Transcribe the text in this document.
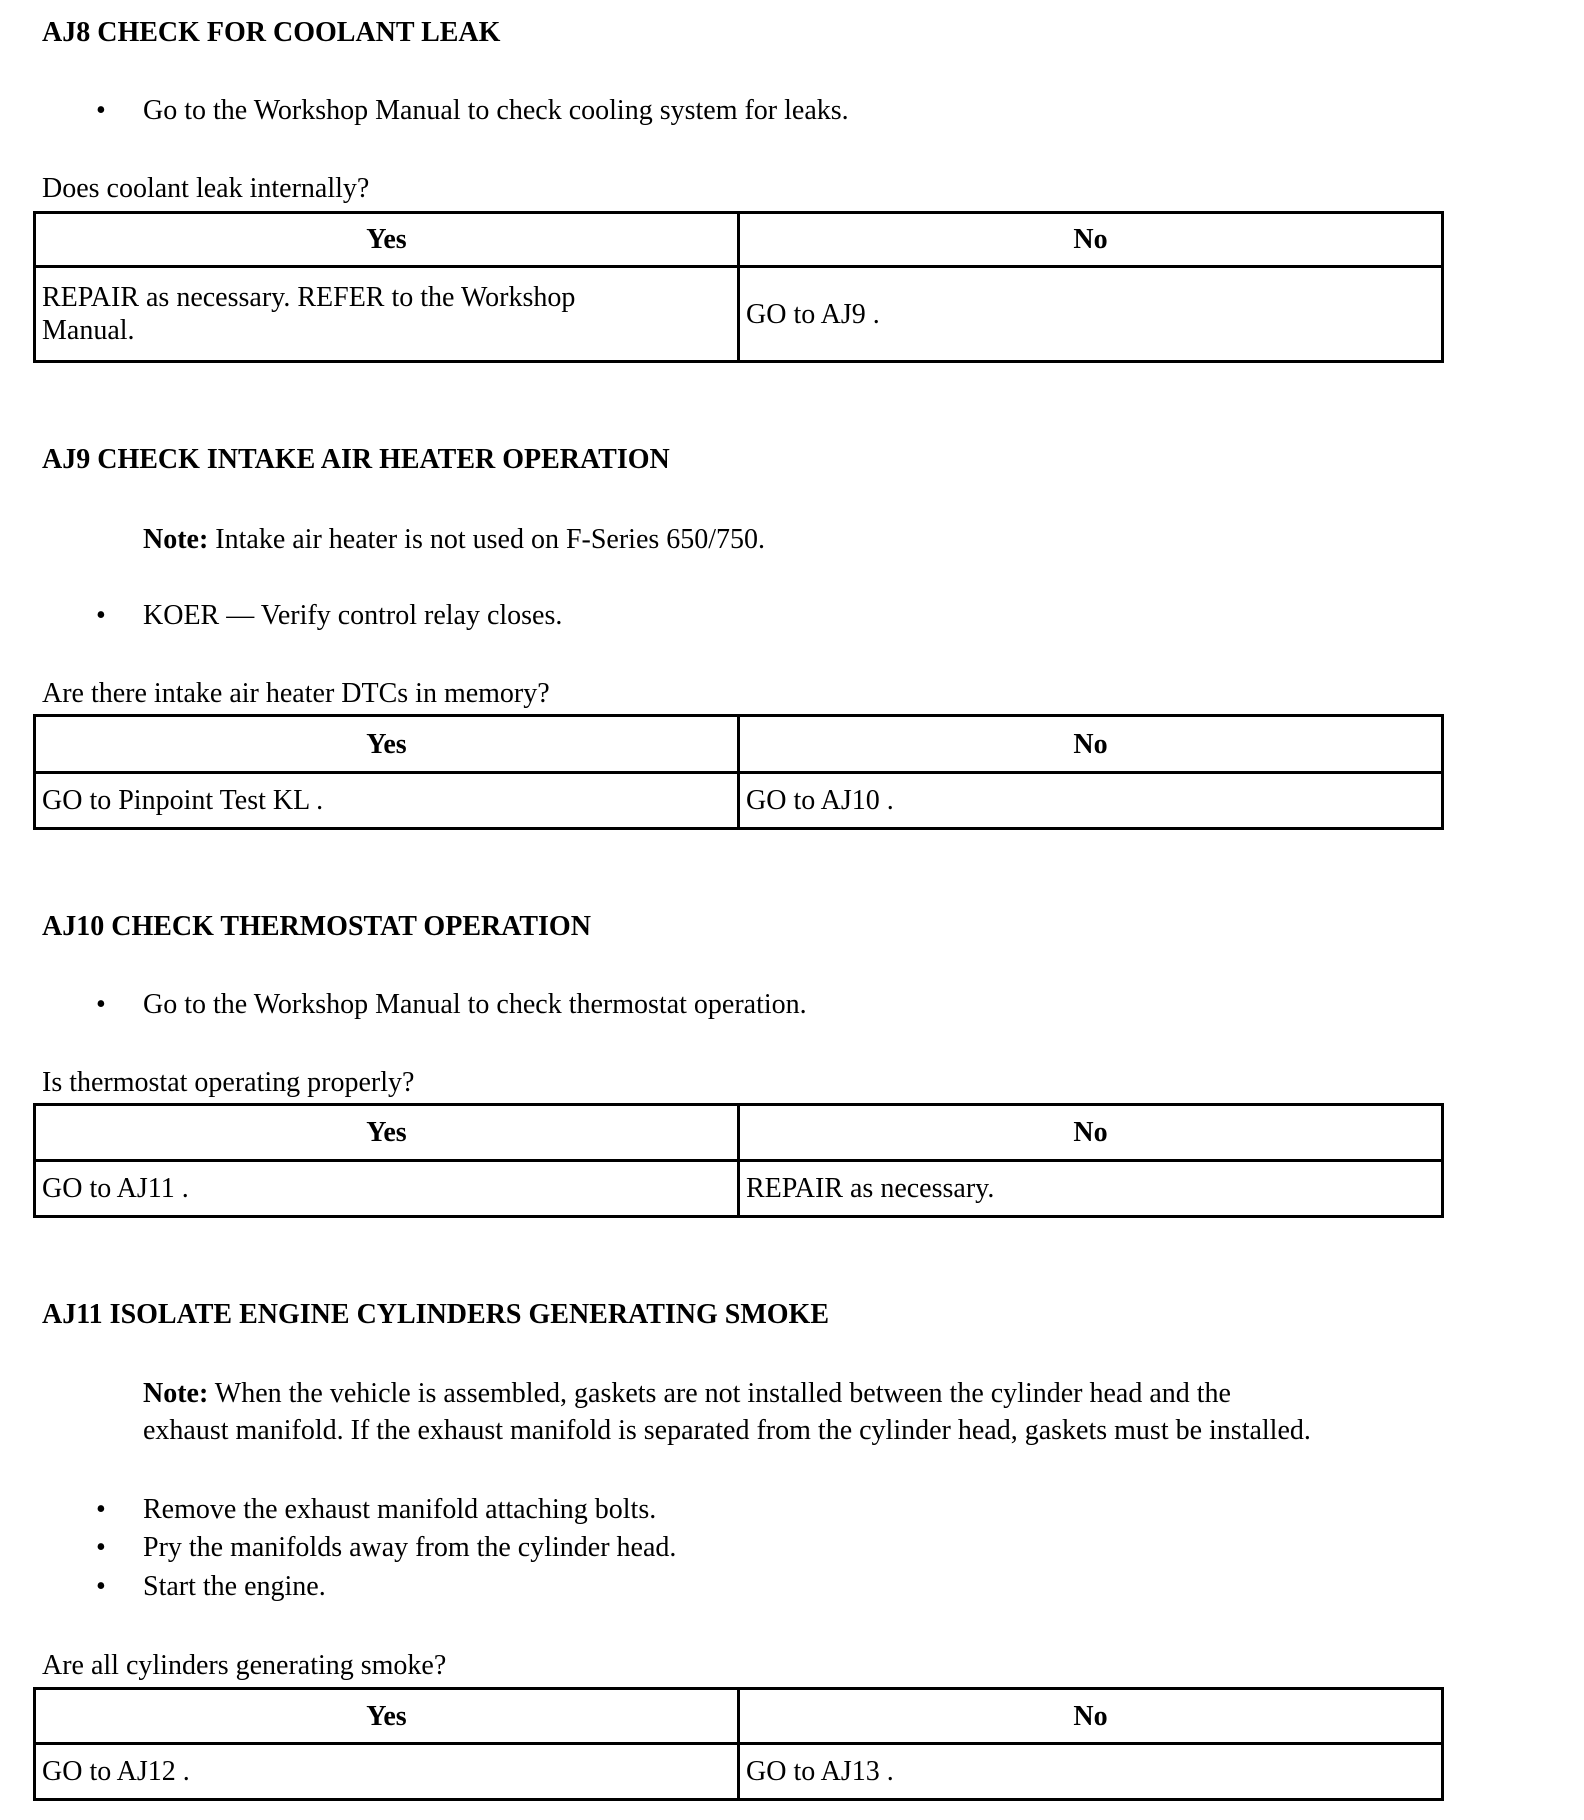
AJ8 CHECK FOR COOLANT LEAK
• Go to the Workshop Manual to check cooling system for leaks.
Does coolant leak internally?
Yes	No

REPAIR as necessary. REFER to the Workshop Manual.	GO to AJ9 .
AJ9 CHECK INTAKE AIR HEATER OPERATION
Note: Intake air heater is not used on F-Series 650/750.
• KOER — Verify control relay closes.
Are there intake air heater DTCs in memory?
Yes	No
GO to Pinpoint Test KL .	GO to AJ10 .
AJ10 CHECK THERMOSTAT OPERATION
• Go to the Workshop Manual to check thermostat operation.
Is thermostat operating properly?
Yes	No
GO to AJ11 .	REPAIR as necessary.
AJ11 ISOLATE ENGINE CYLINDERS GENERATING SMOKE
Note: When the vehicle is assembled, gaskets are not installed between the cylinder head and the
exhaust manifold. If the exhaust manifold is separated from the cylinder head, gaskets must be installed.
• Remove the exhaust manifold attaching bolts.
• Pry the manifolds away from the cylinder head.
• Start the engine.
Are all cylinders generating smoke?
Yes	No
GO to AJ12 .	GO to AJ13 .
